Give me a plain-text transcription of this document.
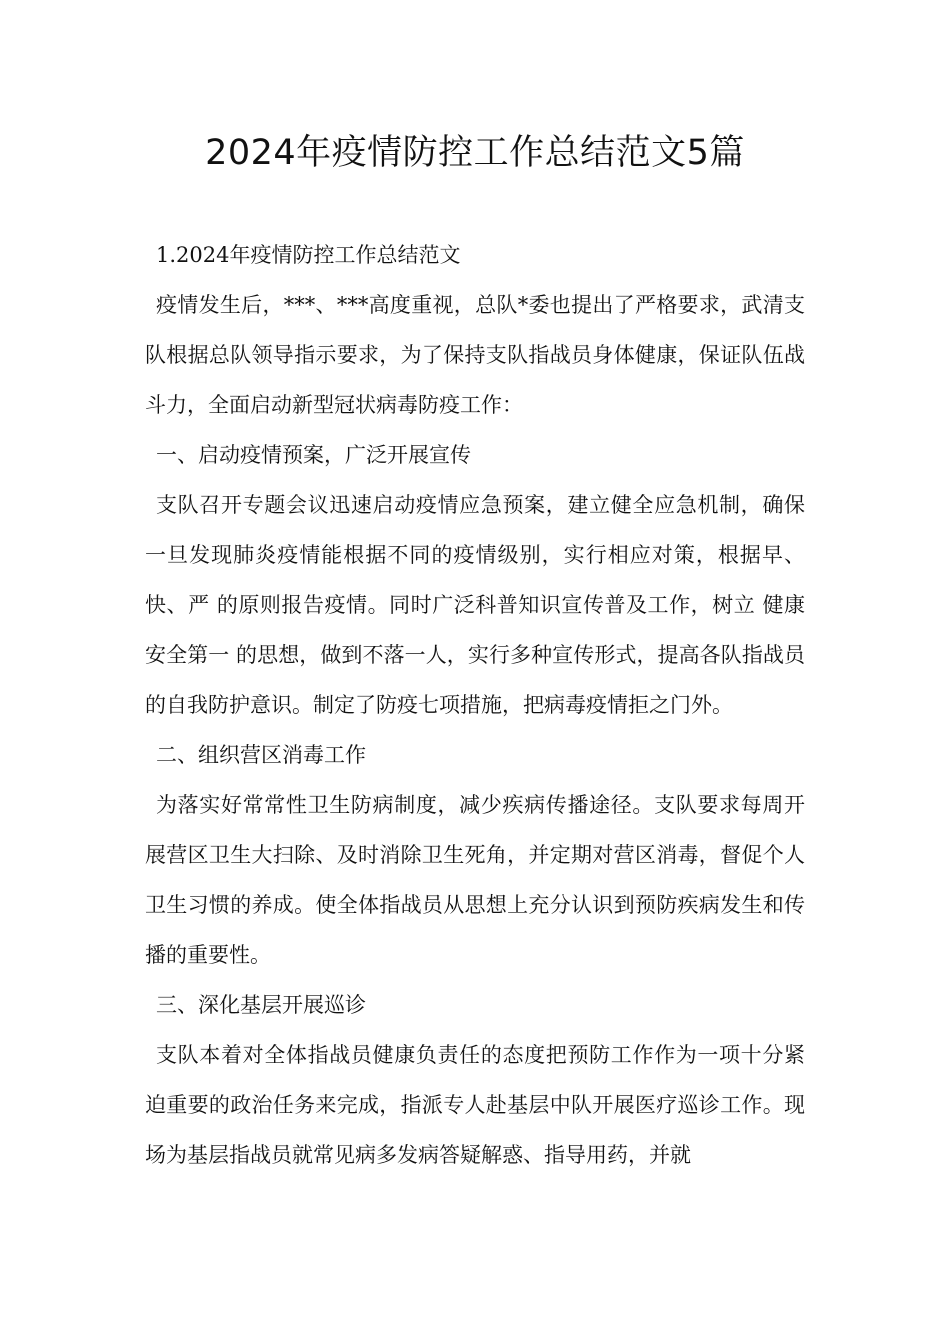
2024年疫情防控工作总结范文5篇

1.2024年疫情防控工作总结范文

疫情发生后，***、***高度重视，总队*委也提出了严格要求，武清支队根据总队领导指示要求，为了保持支队指战员身体健康，保证队伍战斗力，全面启动新型冠状病毒防疫工作：

一、启动疫情预案，广泛开展宣传

支队召开专题会议迅速启动疫情应急预案，建立健全应急机制，确保一旦发现肺炎疫情能根据不同的疫情级别，实行相应对策，根据早、快、严 的原则报告疫情。同时广泛科普知识宣传普及工作，树立 健康安全第一 的思想，做到不落一人，实行多种宣传形式，提高各队指战员的自我防护意识。制定了防疫七项措施，把病毒疫情拒之门外。

二、组织营区消毒工作

为落实好常常性卫生防病制度，减少疾病传播途径。支队要求每周开展营区卫生大扫除、及时消除卫生死角，并定期对营区消毒，督促个人卫生习惯的养成。使全体指战员从思想上充分认识到预防疾病发生和传播的重要性。

三、深化基层开展巡诊

支队本着对全体指战员健康负责任的态度把预防工作作为一项十分紧迫重要的政治任务来完成，指派专人赴基层中队开展医疗巡诊工作。现场为基层指战员就常见病多发病答疑解惑、指导用药，并就
